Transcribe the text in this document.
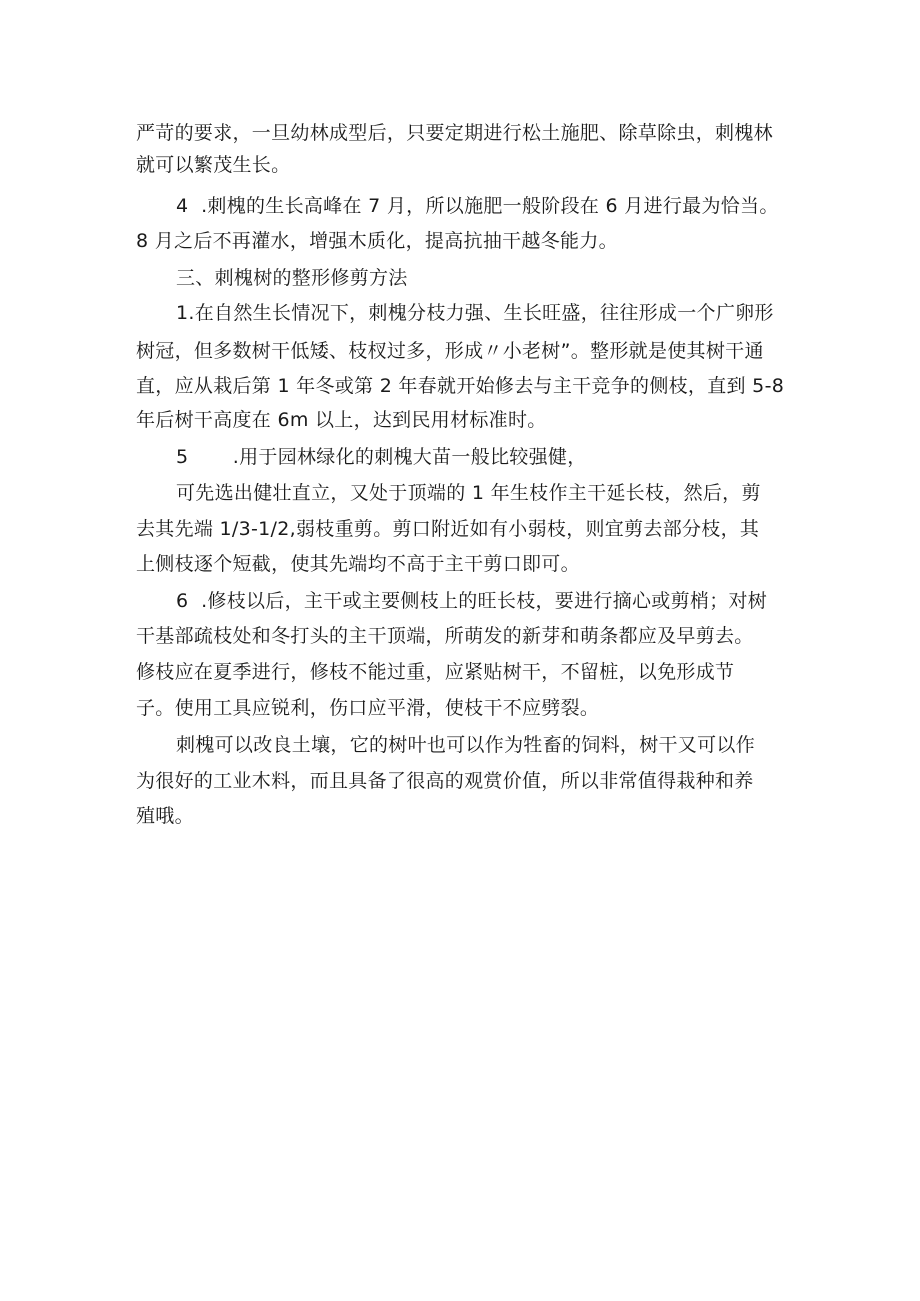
严苛的要求，一旦幼林成型后，只要定期进行松土施肥、除草除虫，刺槐林
就可以繁茂生长。
4  .刺槐的生长高峰在 7 月，所以施肥一般阶段在 6 月进行最为恰当。
8 月之后不再灌水，增强木质化，提高抗抽干越冬能力。
三、刺槐树的整形修剪方法
1.在自然生长情况下，刺槐分枝力强、生长旺盛，往往形成一个广卵形
树冠，但多数树干低矮、枝杈过多，形成〃小老树”。整形就是使其树干通
直，应从栽后第 1 年冬或第 2 年春就开始修去与主干竞争的侧枝，直到 5-8
年后树干高度在 6m 以上，达到民用材标准时。
5       .用于园林绿化的刺槐大苗一般比较强健，
可先选出健壮直立，又处于顶端的 1 年生枝作主干延长枝，然后，剪
去其先端 1/3-1/2,弱枝重剪。剪口附近如有小弱枝，则宜剪去部分枝，其
上侧枝逐个短截，使其先端均不高于主干剪口即可。
6  .修枝以后，主干或主要侧枝上的旺长枝，要进行摘心或剪梢；对树
干基部疏枝处和冬打头的主干顶端，所萌发的新芽和萌条都应及早剪去。
修枝应在夏季进行，修枝不能过重，应紧贴树干，不留桩，以免形成节
子。使用工具应锐利，伤口应平滑，使枝干不应劈裂。
刺槐可以改良土壤，它的树叶也可以作为牲畜的饲料，树干又可以作
为很好的工业木料，而且具备了很高的观赏价值，所以非常值得栽种和养
殖哦。
